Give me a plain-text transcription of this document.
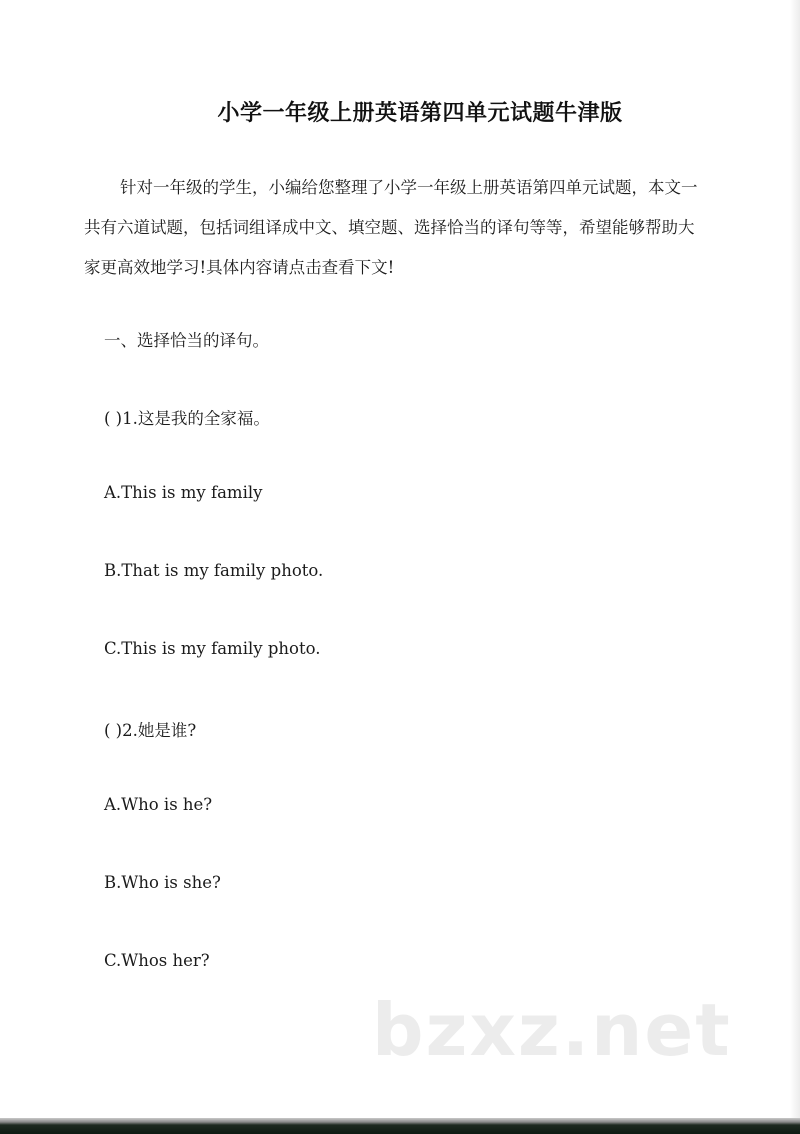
小学一年级上册英语第四单元试题牛津版

针对一年级的学生，小编给您整理了小学一年级上册英语第四单元试题，本文一共有六道试题，包括词组译成中文、填空题、选择恰当的译句等等，希望能够帮助大家更高效地学习!具体内容请点击查看下文!

一、选择恰当的译句。

( )1.这是我的全家福。

A.This is my family

B.That is my family photo.

C.This is my family photo.

( )2.她是谁?

A.Who is he?

B.Who is she?

C.Whos her?

bzxz.net
